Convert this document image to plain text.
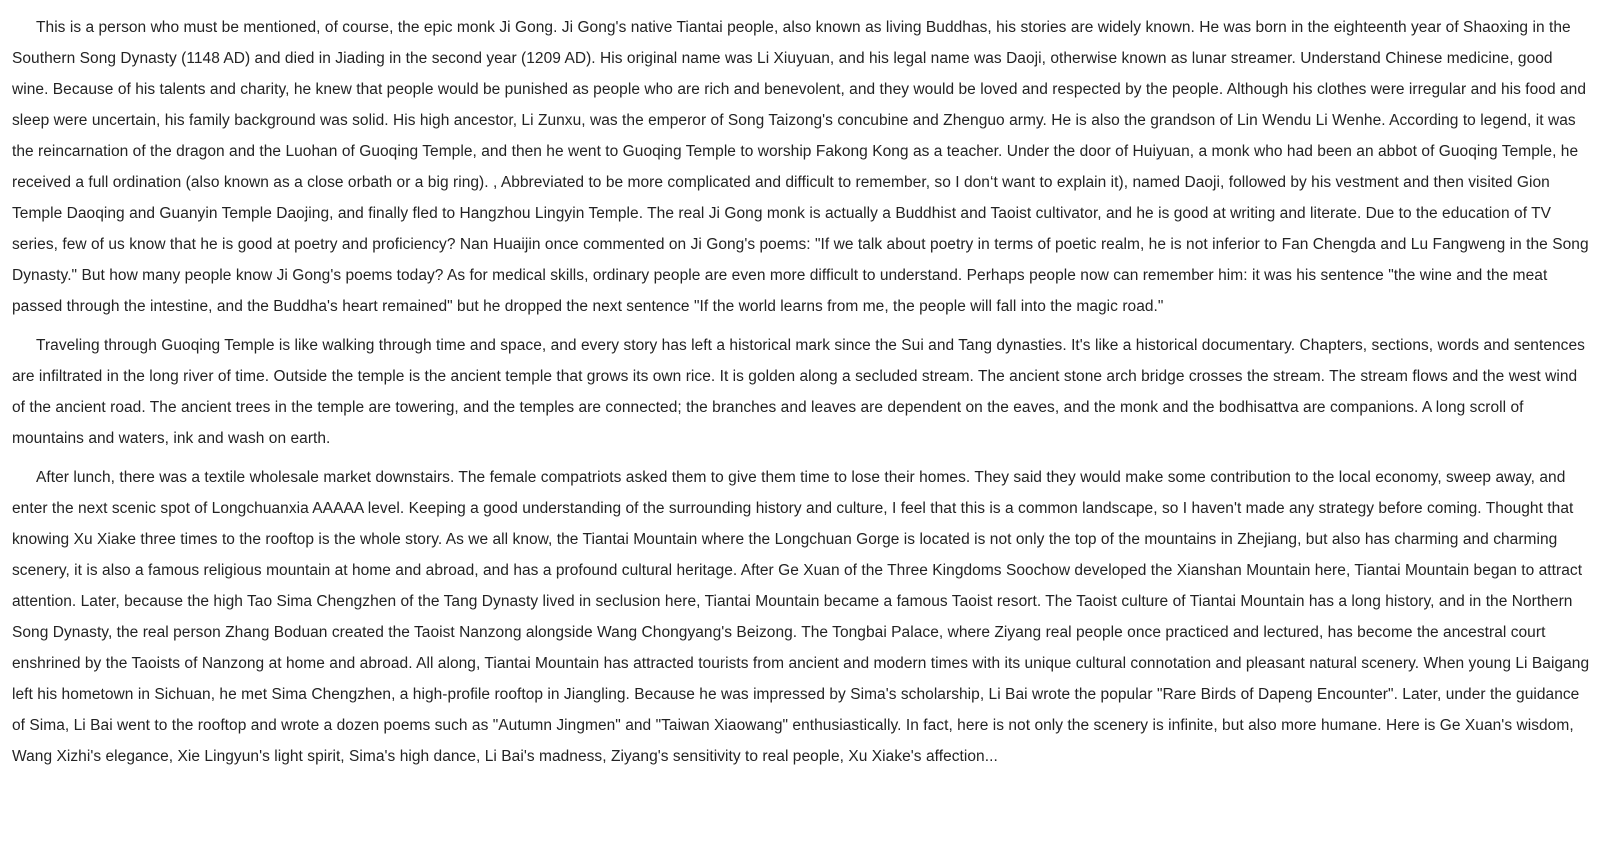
This is a person who must be mentioned, of course, the epic monk Ji Gong. Ji Gong's native Tiantai people, also known as living Buddhas, his stories are widely known. He was born in the eighteenth year of Shaoxing in the Southern Song Dynasty (1148 AD) and died in Jiading in the second year (1209 AD). His original name was Li Xiuyuan, and his legal name was Daoji, otherwise known as lunar streamer. Understand Chinese medicine, good wine. Because of his talents and charity, he knew that people would be punished as people who are rich and benevolent, and they would be loved and respected by the people. Although his clothes were irregular and his food and sleep were uncertain, his family background was solid. His high ancestor, Li Zunxu, was the emperor of Song Taizong's concubine and Zhenguo army. He is also the grandson of Lin Wendu Li Wenhe. According to legend, it was the reincarnation of the dragon and the Luohan of Guoqing Temple, and then he went to Guoqing Temple to worship Fakong Kong as a teacher. Under the door of Huiyuan, a monk who had been an abbot of Guoqing Temple, he received a full ordination (also known as a close orbath or a big ring). , Abbreviated to be more complicated and difficult to remember, so I don‘t want to explain it), named Daoji, followed by his vestment and then visited Gion Temple Daoqing and Guanyin Temple Daojing, and finally fled to Hangzhou Lingyin Temple. The real Ji Gong monk is actually a Buddhist and Taoist cultivator, and he is good at writing and literate. Due to the education of TV series, few of us know that he is good at poetry and proficiency? Nan Huaijin once commented on Ji Gong's poems: "If we talk about poetry in terms of poetic realm, he is not inferior to Fan Chengda and Lu Fangweng in the Song Dynasty." But how many people know Ji Gong's poems today? As for medical skills, ordinary people are even more difficult to understand. Perhaps people now can remember him: it was his sentence "the wine and the meat passed through the intestine, and the Buddha's heart remained" but he dropped the next sentence "If the world learns from me, the people will fall into the magic road."

Traveling through Guoqing Temple is like walking through time and space, and every story has left a historical mark since the Sui and Tang dynasties. It's like a historical documentary. Chapters, sections, words and sentences are infiltrated in the long river of time. Outside the temple is the ancient temple that grows its own rice. It is golden along a secluded stream. The ancient stone arch bridge crosses the stream. The stream flows and the west wind of the ancient road. The ancient trees in the temple are towering, and the temples are connected; the branches and leaves are dependent on the eaves, and the monk and the bodhisattva are companions. A long scroll of mountains and waters, ink and wash on earth.

After lunch, there was a textile wholesale market downstairs. The female compatriots asked them to give them time to lose their homes. They said they would make some contribution to the local economy, sweep away, and enter the next scenic spot of Longchuanxia AAAAA level. Keeping a good understanding of the surrounding history and culture, I feel that this is a common landscape, so I haven't made any strategy before coming. Thought that knowing Xu Xiake three times to the rooftop is the whole story. As we all know, the Tiantai Mountain where the Longchuan Gorge is located is not only the top of the mountains in Zhejiang, but also has charming and charming scenery, it is also a famous religious mountain at home and abroad, and has a profound cultural heritage. After Ge Xuan of the Three Kingdoms Soochow developed the Xianshan Mountain here, Tiantai Mountain began to attract attention. Later, because the high Tao Sima Chengzhen of the Tang Dynasty lived in seclusion here, Tiantai Mountain became a famous Taoist resort. The Taoist culture of Tiantai Mountain has a long history, and in the Northern Song Dynasty, the real person Zhang Boduan created the Taoist Nanzong alongside Wang Chongyang's Beizong. The Tongbai Palace, where Ziyang real people once practiced and lectured, has become the ancestral court enshrined by the Taoists of Nanzong at home and abroad. All along, Tiantai Mountain has attracted tourists from ancient and modern times with its unique cultural connotation and pleasant natural scenery. When young Li Baigang left his hometown in Sichuan, he met Sima Chengzhen, a high-profile rooftop in Jiangling. Because he was impressed by Sima's scholarship, Li Bai wrote the popular "Rare Birds of Dapeng Encounter". Later, under the guidance of Sima, Li Bai went to the rooftop and wrote a dozen poems such as "Autumn Jingmen" and "Taiwan Xiaowang" enthusiastically. In fact, here is not only the scenery is infinite, but also more humane. Here is Ge Xuan's wisdom, Wang Xizhi's elegance, Xie Lingyun's light spirit, Sima's high dance, Li Bai's madness, Ziyang's sensitivity to real people, Xu Xiake's affection...
